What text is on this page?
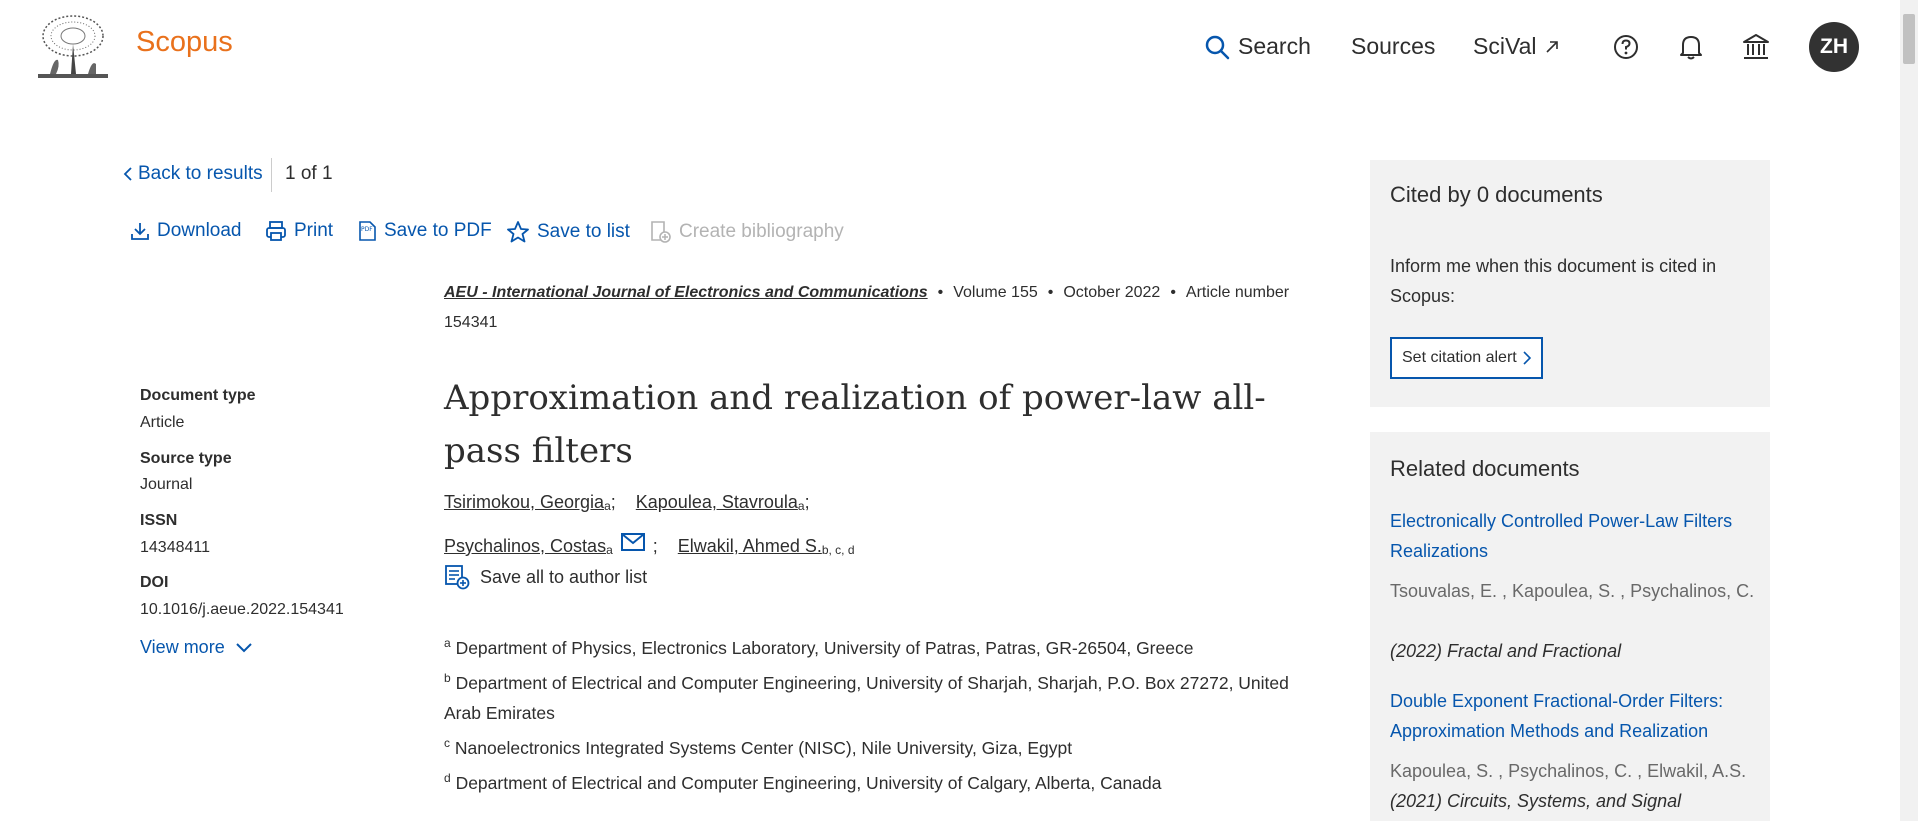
Scopus	Search Sources SciVal	ZH
Back to results 1 of 1
Download	Print	PDF Save to PDF Save to list	Create bibliography
AEU - International Journal of Electronics and Communications • Volume 155 • October 2022 • Article number 154341
Document type
Article
Source type
Journal
ISSN
14348411
DOI
10.1016/j.aeue.2022.154341
View more
Approximation and realization of power-law all-pass filters
Tsirimokou, Georgia a ; Kapoulea, Stavroula a ;
Psychalinos, Costas a ; Elwakil, Ahmed S. b, c, d
Save all to author list
$^a$ Department of Physics, Electronics Laboratory, University of Patras, Patras, GR-26504, Greece
$^b$ Department of Electrical and Computer Engineering, University of Sharjah, Sharjah, P.O. Box 27272, United Arab Emirates
$^c$ Nanoelectronics Integrated Systems Center (NISC), Nile University, Giza, Egypt
$^d$ Department of Electrical and Computer Engineering, University of Calgary, Alberta, Canada
Cited by 0 documents
Inform me when this document is cited in Scopus:
Set citation alert
Related documents
Electronically Controlled Power-Law Filters Realizations
Tsouvalas, E. , Kapoulea, S. , Psychalinos, C.
(2022) Fractal and Fractional
Double Exponent Fractional-Order Filters: Approximation Methods and Realization
Kapoulea, S. , Psychalinos, C. , Elwakil, A.S.
(2021) Circuits, Systems, and Signal
